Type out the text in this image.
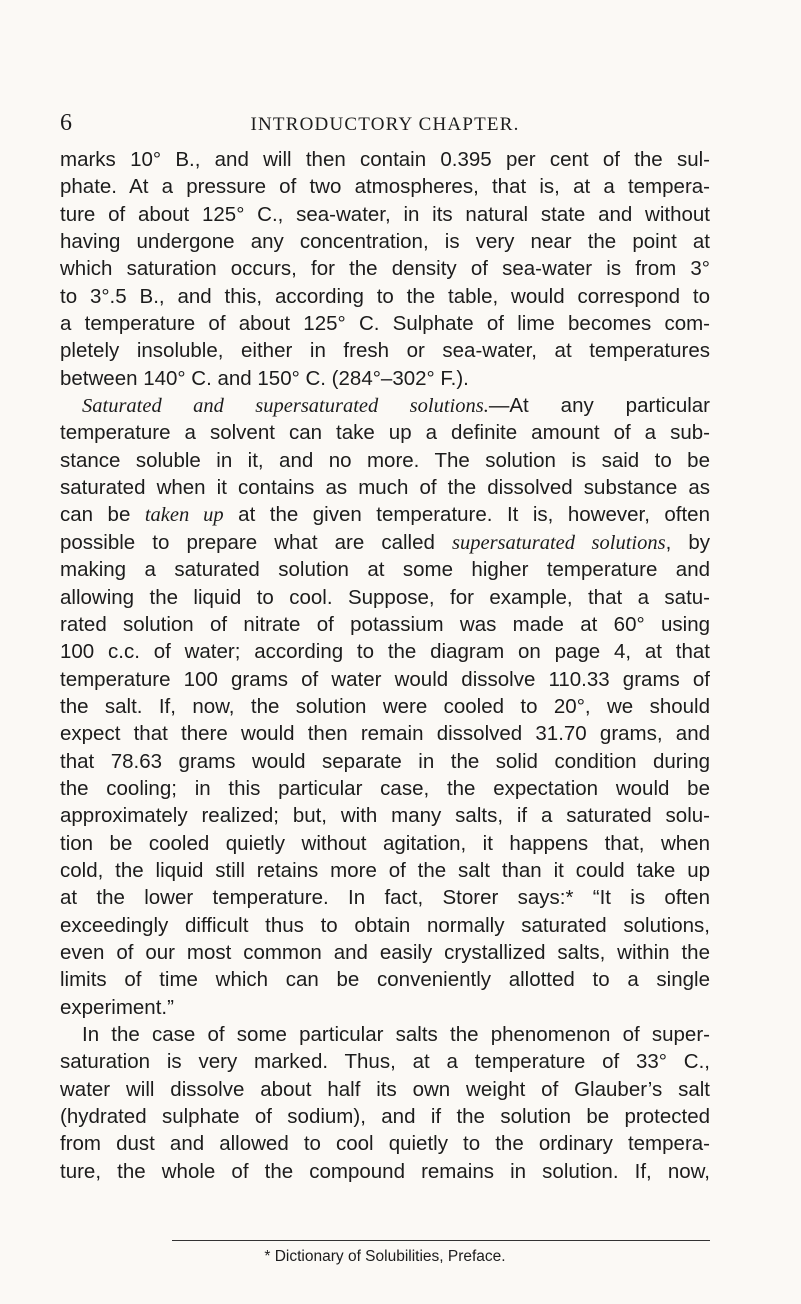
6	INTRODUCTORY CHAPTER.
marks 10° B., and will then contain 0.395 per cent of the sul-
phate. At a pressure of two atmospheres, that is, at a tempera-
ture of about 125° C., sea-water, in its natural state and without
having undergone any concentration, is very near the point at
which saturation occurs, for the density of sea-water is from 3°
to 3°.5 B., and this, according to the table, would correspond to
a temperature of about 125° C. Sulphate of lime becomes com-
pletely insoluble, either in fresh or sea-water, at temperatures
between 140° C. and 150° C. (284°–302° F.).
Saturated and supersaturated solutions.—At any particular
temperature a solvent can take up a definite amount of a sub-
stance soluble in it, and no more. The solution is said to be
saturated when it contains as much of the dissolved substance as
can be taken up at the given temperature. It is, however, often
possible to prepare what are called supersaturated solutions, by
making a saturated solution at some higher temperature and
allowing the liquid to cool. Suppose, for example, that a satu-
rated solution of nitrate of potassium was made at 60° using
100 c.c. of water; according to the diagram on page 4, at that
temperature 100 grams of water would dissolve 110.33 grams of
the salt. If, now, the solution were cooled to 20°, we should
expect that there would then remain dissolved 31.70 grams, and
that 78.63 grams would separate in the solid condition during
the cooling; in this particular case, the expectation would be
approximately realized; but, with many salts, if a saturated solu-
tion be cooled quietly without agitation, it happens that, when
cold, the liquid still retains more of the salt than it could take up
at the lower temperature. In fact, Storer says:* “It is often
exceedingly difficult thus to obtain normally saturated solutions,
even of our most common and easily crystallized salts, within the
limits of time which can be conveniently allotted to a single
experiment.”
In the case of some particular salts the phenomenon of super-
saturation is very marked. Thus, at a temperature of 33° C.,
water will dissolve about half its own weight of Glauber’s salt
(hydrated sulphate of sodium), and if the solution be protected
from dust and allowed to cool quietly to the ordinary tempera-
ture, the whole of the compound remains in solution. If, now,
* Dictionary of Solubilities, Preface.
